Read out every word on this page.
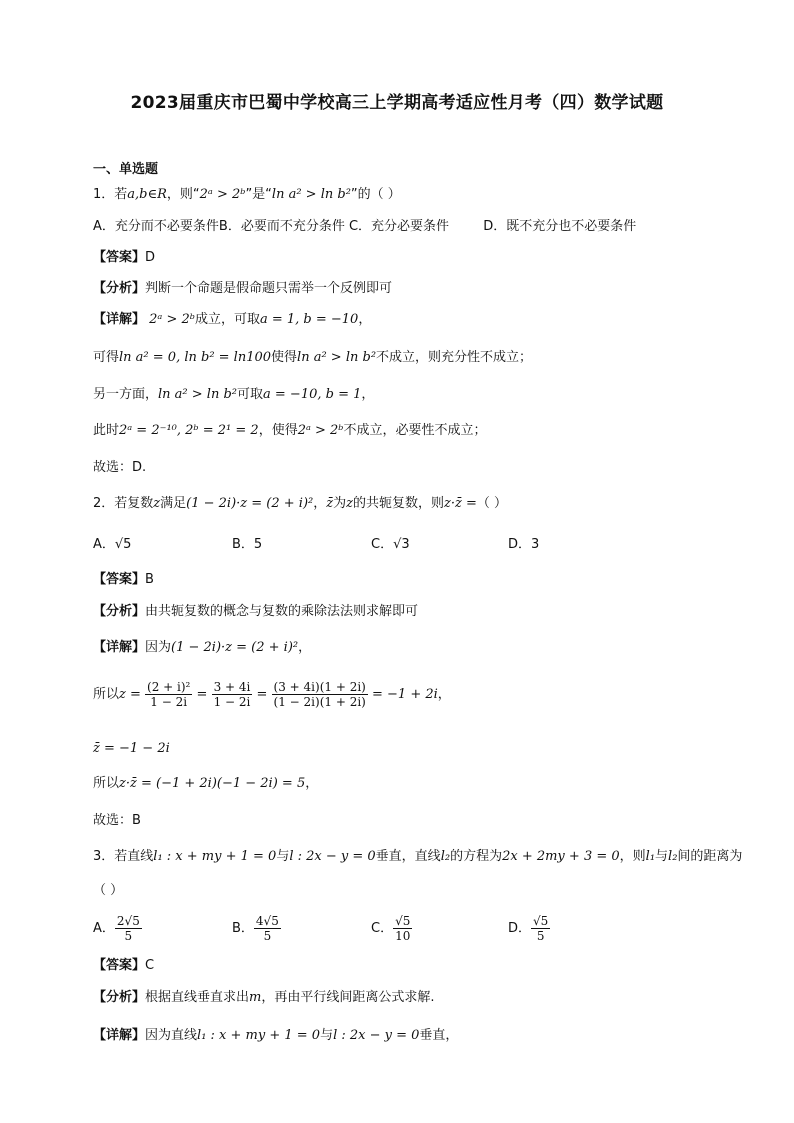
2023届重庆市巴蜀中学校高三上学期高考适应性月考（四）数学试题
一、单选题
1．若a,b∈R，则“2ᵃ > 2ᵇ”是“ln a² > ln b²”的（ ）
A．充分而不必要条件B．必要而不充分条件 C．充分必要条件	D．既不充分也不必要条件
【答案】D
【分析】判断一个命题是假命题只需举一个反例即可
【详解】 2ᵃ > 2ᵇ成立，可取a = 1, b = −10，
可得ln a² = 0, ln b² = ln100使得ln a² > ln b²不成立，则充分性不成立；
另一方面，ln a² > ln b²可取a = −10, b = 1，
此时2ᵃ = 2⁻¹⁰, 2ᵇ = 2¹ = 2，使得2ᵃ > 2ᵇ不成立，必要性不成立；
故选：D.
2．若复数z满足(1 − 2i)·z = (2 + i)²，z̄为z的共轭复数，则z·z̄ =（ ）
A．√5	B．5	C．√3	D．3
【答案】B
【分析】由共轭复数的概念与复数的乘除法法则求解即可
【详解】因为(1 − 2i)·z = (2 + i)²，
所以$z = \frac{\text{(2 + i)²}}{1 - 2i} = \frac{3 + 4i}{1 - 2i} = \frac{(3 + 4i)(1 + 2i)}{(1 - 2i)(1 + 2i)} = -1 + 2i$，
z̄ = −1 − 2i
所以z·z̄ = (−1 + 2i)(−1 − 2i) = 5，
故选：B
3．若直线l₁ : x + my + 1 = 0与l : 2x − y = 0垂直，直线l₂的方程为2x + 2my + 3 = 0，则l₁与l₂间的距离为
（ ）
A． $\frac{2√5}{5}$	B． $\frac{4√5}{5}$	C． $\frac{√5}{10}$	D． $\frac{√5}{5}$
【答案】C
【分析】根据直线垂直求出m，再由平行线间距离公式求解.
【详解】因为直线l₁ : x + my + 1 = 0与l : 2x − y = 0垂直，
